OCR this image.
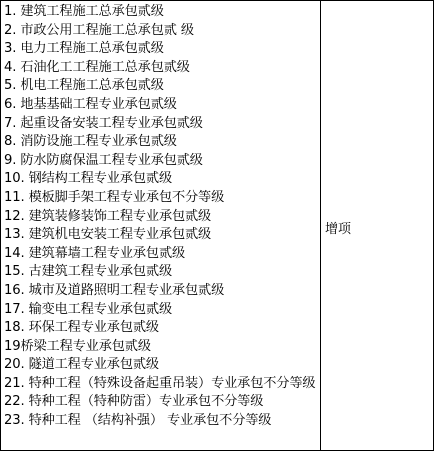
1. 建筑工程施工总承包贰级
2. 市政公用工程施工总承包贰 级
3. 电力工程施工总承包贰级
4. 石油化工工程施工总承包贰级
5. 机电工程施工总承包贰级
6. 地基基础工程专业承包贰级
7. 起重设备安装工程专业承包贰级
8. 消防设施工程专业承包贰级
9. 防水防腐保温工程专业承包贰级
10. 钢结构工程专业承包贰级
11. 模板脚手架工程专业承包不分等级
12. 建筑装修装饰工程专业承包贰级
13. 建筑机电安装工程专业承包贰级
14. 建筑幕墙工程专业承包贰级
15. 古建筑工程专业承包贰级
16. 城市及道路照明工程专业承包贰级
17. 输变电工程专业承包贰级
18. 环保工程专业承包贰级
19桥梁工程专业承包贰级
20. 隧道工程专业承包贰级
21. 特种工程（特殊设备起重吊装）专业承包不分等级
22. 特种工程（特种防雷）专业承包不分等级
23. 特种工程 （结构补强） 专业承包不分等级
增项
